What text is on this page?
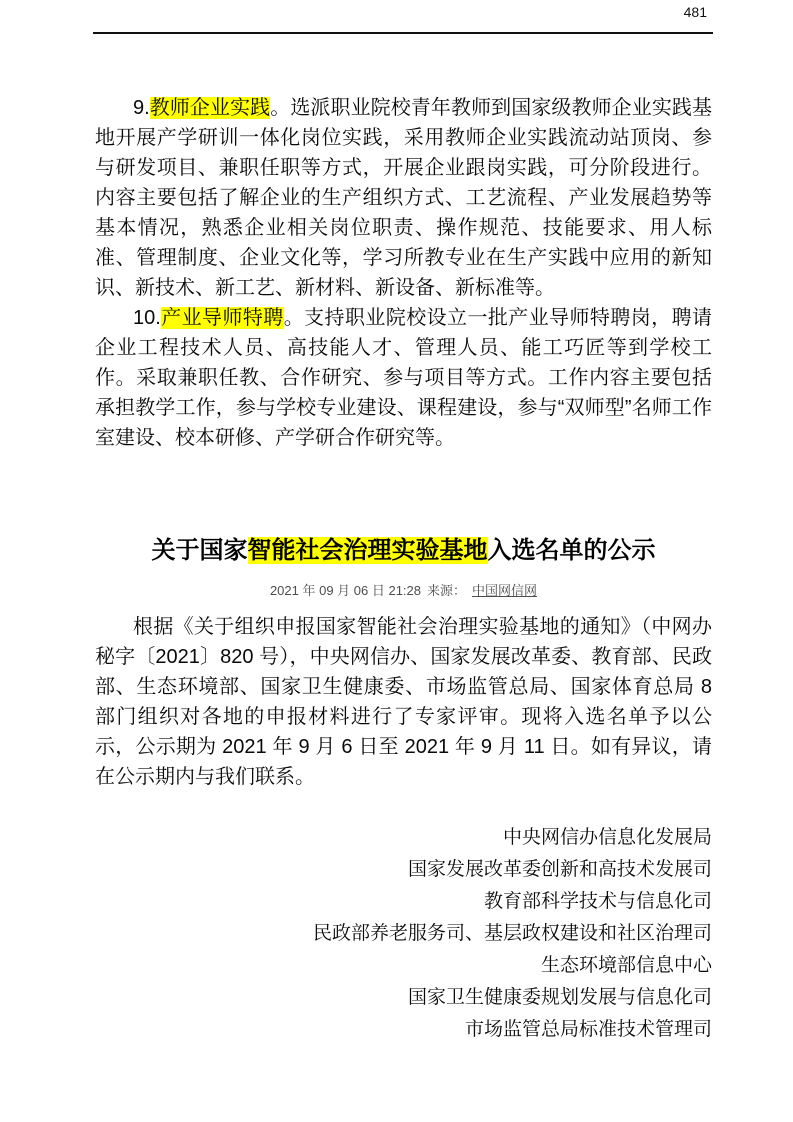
481

9.教师企业实践。选派职业院校青年教师到国家级教师企业实践基地开展产学研训一体化岗位实践，采用教师企业实践流动站顶岗、参与研发项目、兼职任职等方式，开展企业跟岗实践，可分阶段进行。内容主要包括了解企业的生产组织方式、工艺流程、产业发展趋势等基本情况，熟悉企业相关岗位职责、操作规范、技能要求、用人标准、管理制度、企业文化等，学习所教专业在生产实践中应用的新知识、新技术、新工艺、新材料、新设备、新标准等。

10.产业导师特聘。支持职业院校设立一批产业导师特聘岗，聘请企业工程技术人员、高技能人才、管理人员、能工巧匠等到学校工作。采取兼职任教、合作研究、参与项目等方式。工作内容主要包括承担教学工作，参与学校专业建设、课程建设，参与“双师型”名师工作室建设、校本研修、产学研合作研究等。

关于国家智能社会治理实验基地入选名单的公示
2021 年 09 月 06 日 21:28 来源： 中国网信网

根据《关于组织申报国家智能社会治理实验基地的通知》（中网办秘字〔2021〕820 号），中央网信办、国家发展改革委、教育部、民政部、生态环境部、国家卫生健康委、市场监管总局、国家体育总局 8 部门组织对各地的申报材料进行了专家评审。现将入选名单予以公示，公示期为 2021 年 9 月 6 日至 2021 年 9 月 11 日。如有异议，请在公示期内与我们联系。

中央网信办信息化发展局
国家发展改革委创新和高技术发展司
教育部科学技术与信息化司
民政部养老服务司、基层政权建设和社区治理司
生态环境部信息中心
国家卫生健康委规划发展与信息化司
市场监管总局标准技术管理司
